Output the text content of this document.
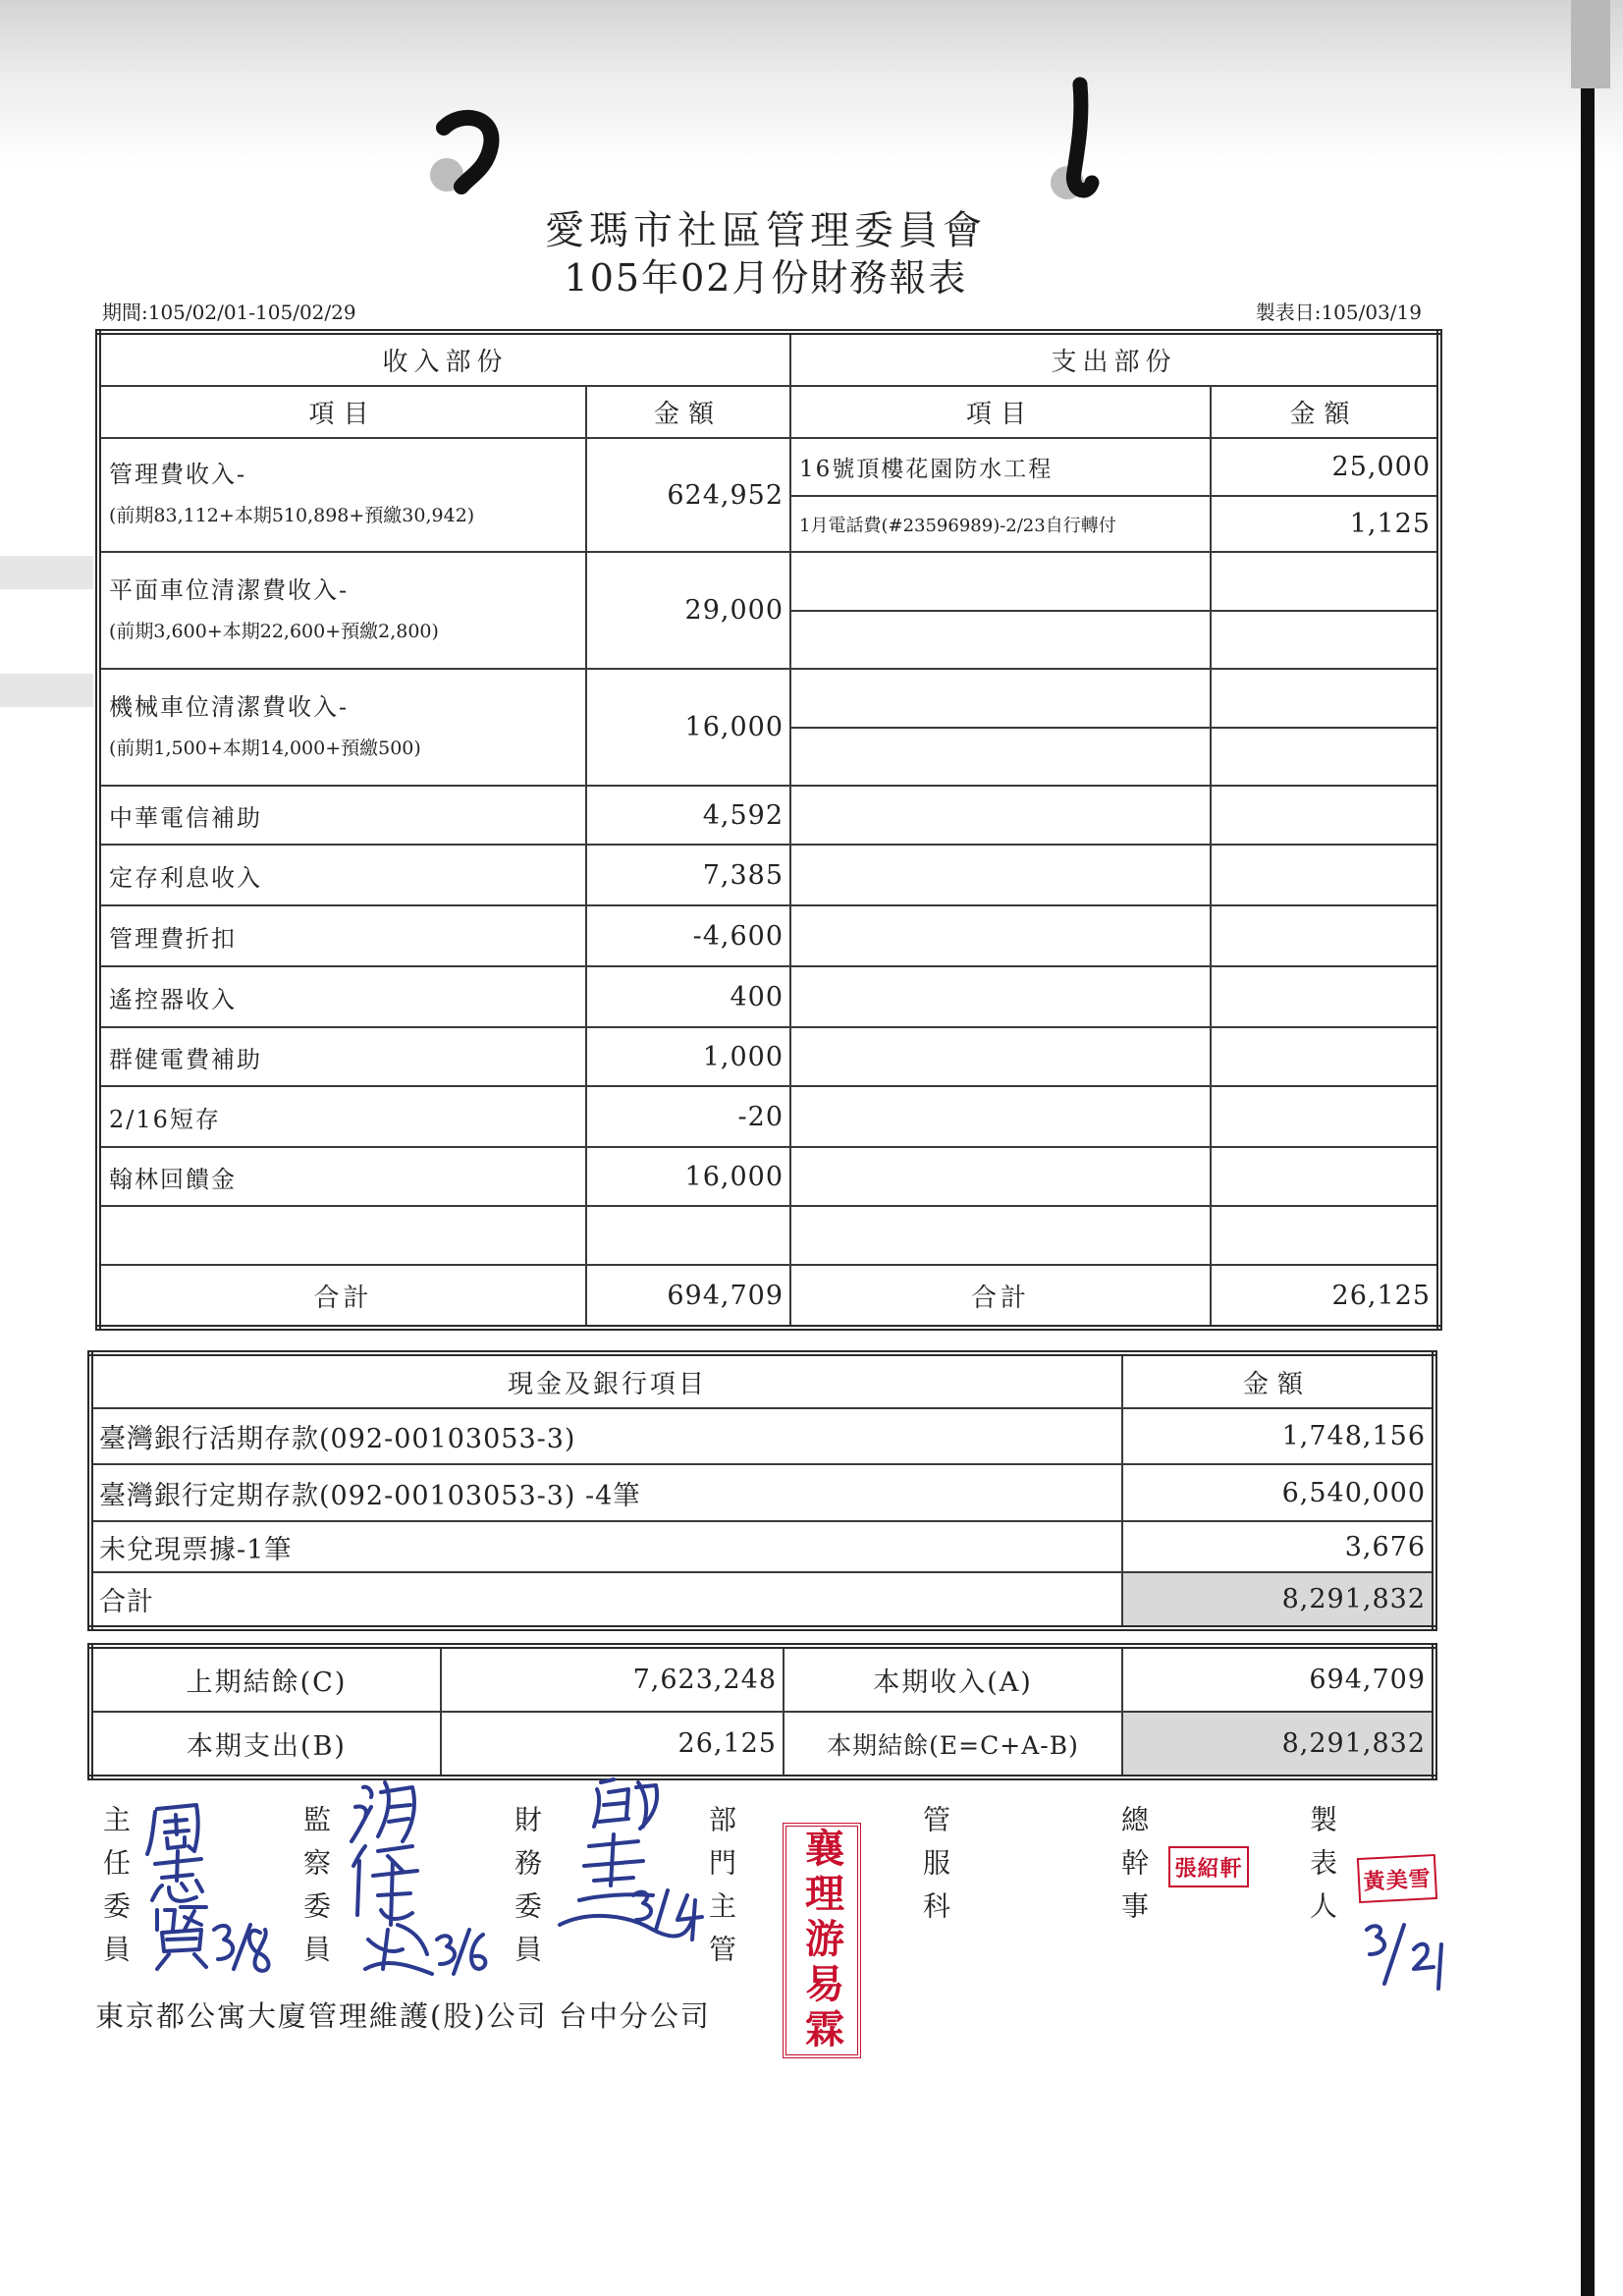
愛瑪市社區管理委員會
105年02月份財務報表
期間:105/02/01-105/02/29	製表日:105/03/19
收入部份		支出部份	
項目	金額	項目	金額

管理費收入-
(前期83,112+本期510,898+預繳30,942)	624,952	16號頂樓花園防水工程	25,000
		1月電話費(#23596989)-2/23自行轉付	1,125

平面車位清潔費收入-
(前期3,600+本期22,600+預繳2,800)	29,000		

機械車位清潔費收入-
(前期1,500+本期14,000+預繳500)	16,000		

中華電信補助	4,592		
定存利息收入	7,385		
管理費折扣	-4,600		
遙控器收入	400		
群健電費補助	1,000		
2/16短存	-20		
翰林回饋金	16,000		

合計	694,709	合計	26,125
現金及銀行項目	金額
臺灣銀行活期存款(092-00103053-3)	1,748,156
臺灣銀行定期存款(092-00103053-3) -4筆	6,540,000
未兌現票據-1筆	3,676
合計	8,291,832
上期結餘(C)	7,623,248	本期收入(A)	694,709
本期支出(B)	26,125	本期結餘(E=C+A-B)	8,291,832
主任委員	監察委員	財務委員	部門主管	管服科	總幹事	製表人
襄理游易霖	張紹軒	黃美雪
東京都公寓大廈管理維護(股)公司 台中分公司
